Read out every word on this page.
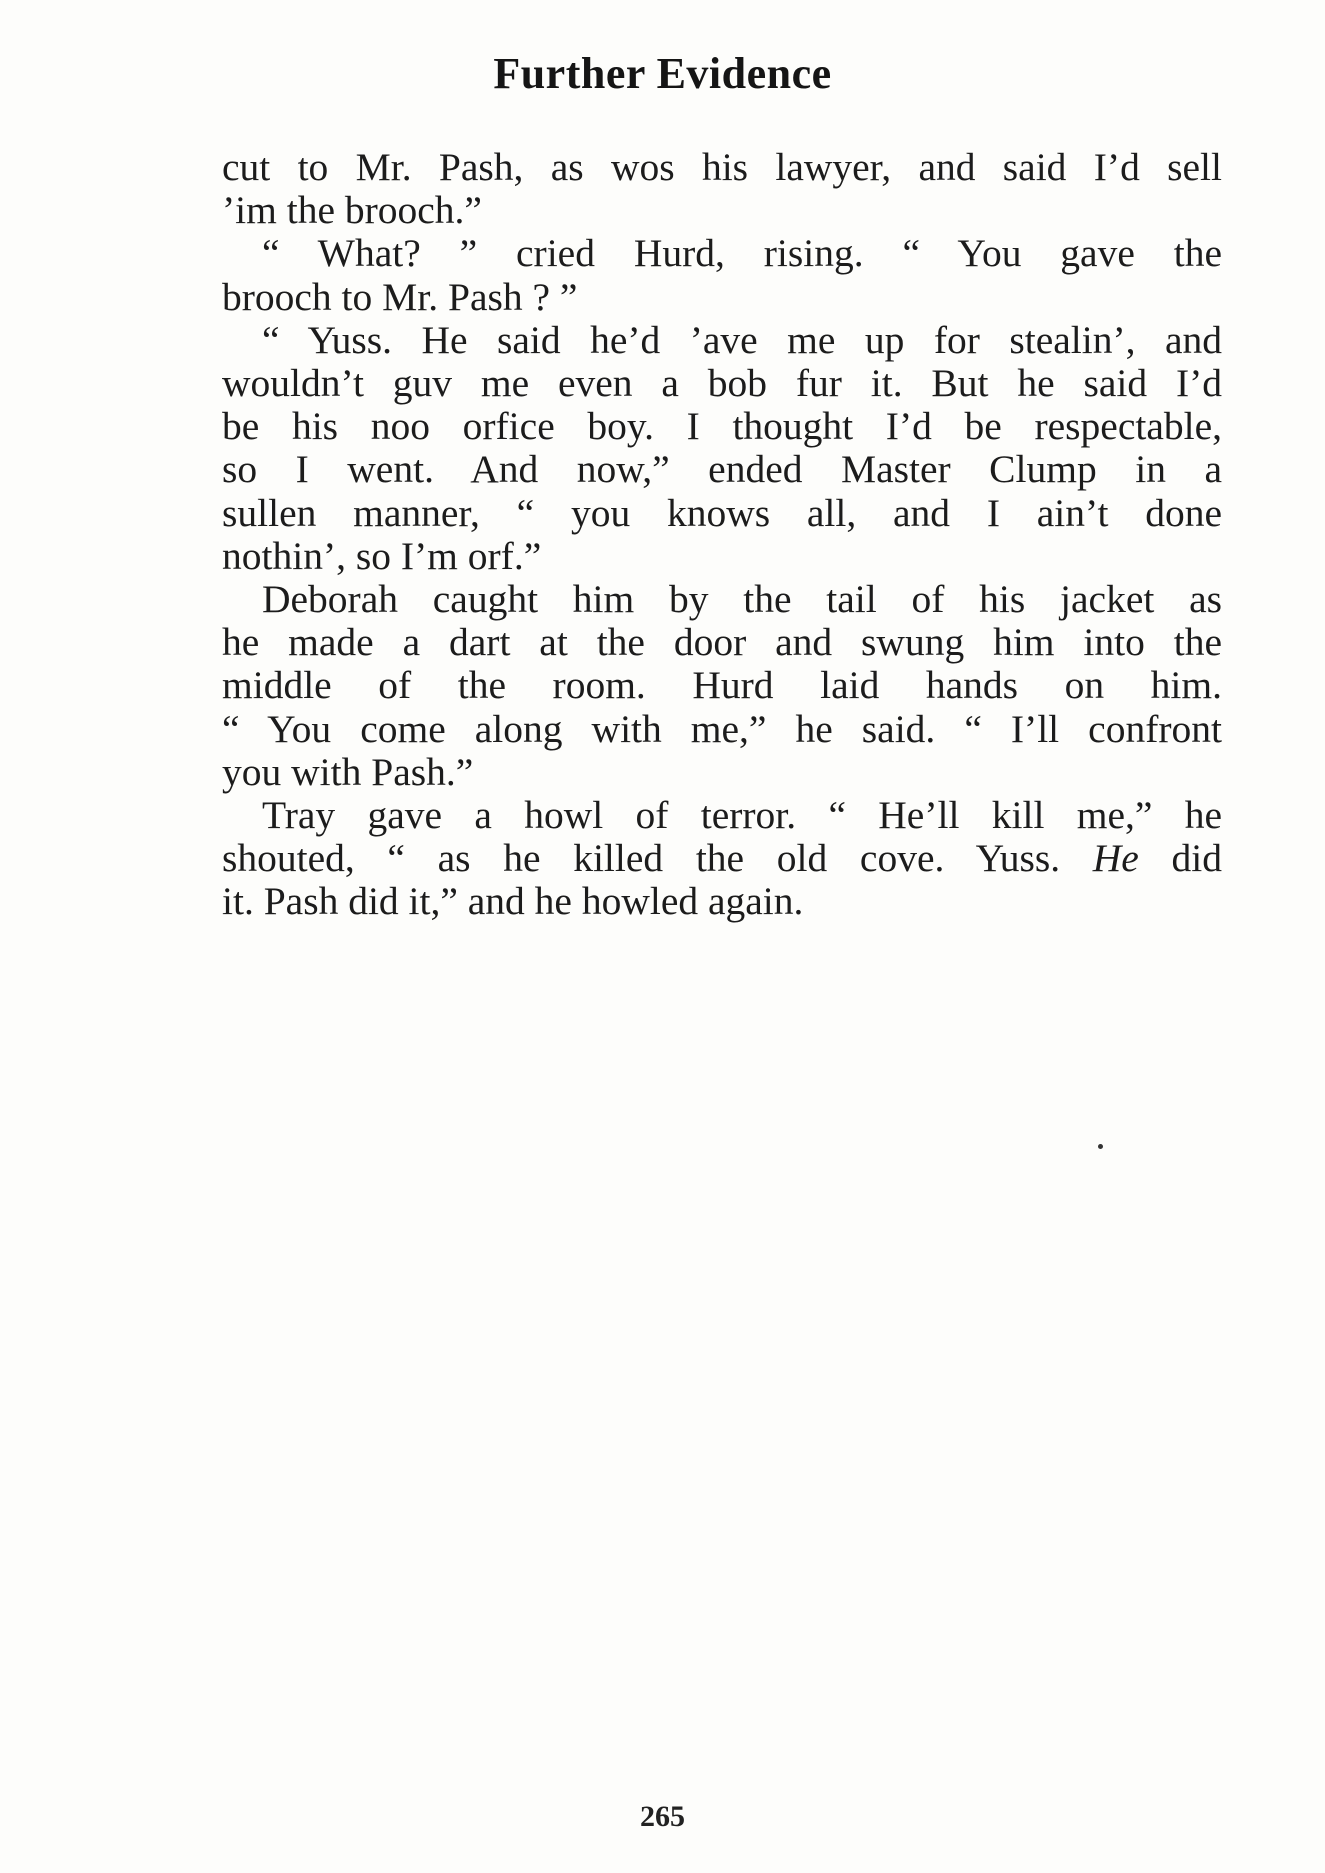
Further Evidence
cut to Mr. Pash, as wos his lawyer, and said I’d sell
’im the brooch.”
“ What? ” cried Hurd, rising. “ You gave the
brooch to Mr. Pash ? ”
“ Yuss. He said he’d ’ave me up for stealin’, and
wouldn’t guv me even a bob fur it. But he said I’d
be his noo orfice boy. I thought I’d be respectable,
so I went. And now,” ended Master Clump in a
sullen manner, “ you knows all, and I ain’t done
nothin’, so I’m orf.”
Deborah caught him by the tail of his jacket as
he made a dart at the door and swung him into the
middle of the room. Hurd laid hands on him.
“ You come along with me,” he said. “ I’ll confront
you with Pash.”
Tray gave a howl of terror. “ He’ll kill me,” he
shouted, “ as he killed the old cove. Yuss. He did
it. Pash did it,” and he howled again.
265
